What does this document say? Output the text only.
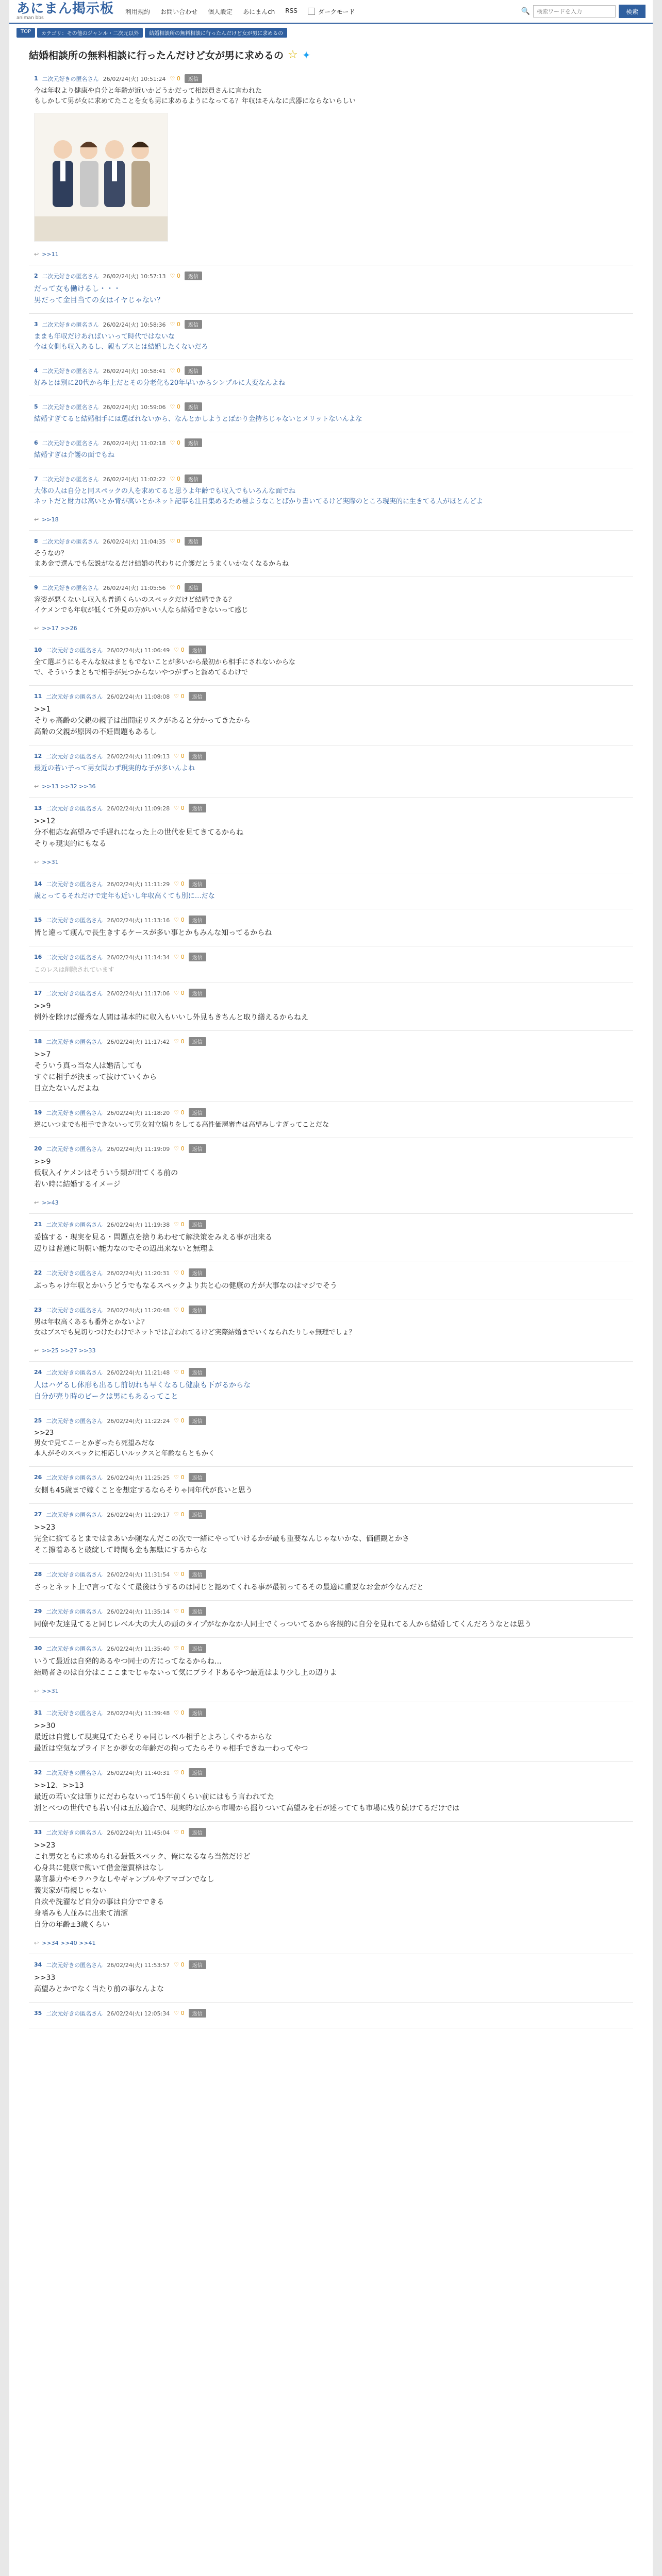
あにまん掲示板
animan bbs
利用規約 お問い合わせ 個人設定 あにまんch RSS	ダークモード	🔍
検索ワードを入力	検索
TOP	カテゴリ：その他のジャンル・二次元以外	結婚相談所の無料相談に行ったんだけど女が男に求めるの
結婚相談所の無料相談に行ったんだけど女が男に求めるの ☆ ✦
1 二次元好きの匿名さん 26/02/24(火) 10:51:24 ♡ 0	返信
今は年収より健康や自分と年齢が近いかどうかだって相談員さんに言われた
もしかして男が女に求めてたことを女も男に求めるようになってる？年収はそんなに武器にならないらしい
↩ >>11
2 二次元好きの匿名さん 26/02/24(火) 10:57:13 ♡ 0	返信
だって女も働けるし・・・
男だって金目当ての女はイヤじゃない？
3 二次元好きの匿名さん 26/02/24(火) 10:58:36 ♡ 0	返信
ままも年収だけあればいいって時代ではないな
今は女側も収入あるし、親もブスとは結婚したくないだろ
4 二次元好きの匿名さん 26/02/24(火) 10:58:41 ♡ 0	返信
好みとは別に20代から年上だとその分老化も20年早いからシンプルに大変なんよね
5 二次元好きの匿名さん 26/02/24(火) 10:59:06 ♡ 0	返信
結婚すぎてると結婚相手には選ばれないから、なんとかしようとばかり金持ちじゃないとメリットないんよな
6 二次元好きの匿名さん 26/02/24(火) 11:02:18 ♡ 0	返信
結婚すぎは介護の面でもね
7 二次元好きの匿名さん 26/02/24(火) 11:02:22 ♡ 0	返信
大体の人は自分と同スペックの人を求めてると思うよ年齢でも収入でもいろんな面でね
ネットだと財力は高いとか背が高いとかネット記事も注目集めるため極ようなことばかり書いてるけど実際のところ現実的に生きてる人がほとんどよ
↩ >>18
8 二次元好きの匿名さん 26/02/24(火) 11:04:35 ♡ 0	返信
そうなの？
まあ金で選んでも伝説がなるだけ結婚の代わりに介護だとうまくいかなくなるからね
9 二次元好きの匿名さん 26/02/24(火) 11:05:56 ♡ 0	返信
容姿が悪くないし収入も普通くらいのスペックだけど結婚できる？
イケメンでも年収が低くて外見の方がいい人なら結婚できないって感じ
↩ >>17 >>26
10 二次元好きの匿名さん 26/02/24(火) 11:06:49 ♡ 0	返信
全て選ぶうにもそんな奴はまともでないことが多いから最初から相手にされないからな
で、そういうまともで相手が見つからないやつがずっと溜めてるわけで
11 二次元好きの匿名さん 26/02/24(火) 11:08:08 ♡ 0	返信
>>1
そりゃ高齢の父親の親子は出間症リスクがあると分かってきたから
高齢の父親が原因の不妊問題もあるし
12 二次元好きの匿名さん 26/02/24(火) 11:09:13 ♡ 0	返信
最近の若い子って男女問わず現実的な子が多いんよね
↩ >>13 >>32 >>36
13 二次元好きの匿名さん 26/02/24(火) 11:09:28 ♡ 0	返信
>>12
分不相応な高望みで手遅れになった上の世代を見てきてるからね
そりゃ現実的にもなる
↩ >>31
14 二次元好きの匿名さん 26/02/24(火) 11:11:29 ♡ 0	返信
歳とってるそれだけで定年も近いし年収高くても別に…だな
15 二次元好きの匿名さん 26/02/24(火) 11:13:16 ♡ 0	返信
皆と違って痩んで長生きするケースが多い事とかもみんな知ってるからね
16 二次元好きの匿名さん 26/02/24(火) 11:14:34 ♡ 0	返信
このレスは削除されています
17 二次元好きの匿名さん 26/02/24(火) 11:17:06 ♡ 0	返信
>>9
例外を除けば優秀な人間は基本的に収入もいいし外見もきちんと取り繕えるからねえ
18 二次元好きの匿名さん 26/02/24(火) 11:17:42 ♡ 0	返信
>>7
そういう真っ当な人は婚活しても
すぐに相手が決まって抜けていくから
目立たないんだよね
19 二次元好きの匿名さん 26/02/24(火) 11:18:20 ♡ 0	返信
逆にいつまでも相手できないって男女対立煽りをしてる高性価層審査は高望みしすぎってことだな
20 二次元好きの匿名さん 26/02/24(火) 11:19:09 ♡ 0	返信
>>9
低収入イケメンはそういう類が出てくる前の
若い時に結婚するイメージ
↩ >>43
21 二次元好きの匿名さん 26/02/24(火) 11:19:38 ♡ 0	返信
妥協する・現実を見る・問題点を捨りあわせて解決策をみえる事が出来る
辺りは普通に明朝い能力なのでその辺出来ないと無理よ
22 二次元好きの匿名さん 26/02/24(火) 11:20:31 ♡ 0	返信
ぶっちゃけ年収とかいうどうでもなるスペックより共と心の健康の方が大事なのはマジでそう
23 二次元好きの匿名さん 26/02/24(火) 11:20:48 ♡ 0	返信
男は年収高くあるも番外とかないよ？
女はブスでも見切りつけたわけでネットでは言われてるけど実際結婚までいくなられたりしゃ無理でしょ？
↩ >>25 >>27 >>33
24 二次元好きの匿名さん 26/02/24(火) 11:21:48 ♡ 0	返信
人はハゲるし体形も出るし前切れも早くなるし健康も下がるからな
自分が売り時のピークは男にもあるってこと
25 二次元好きの匿名さん 26/02/24(火) 11:22:24 ♡ 0	返信
>>23
男女で見てこーとかぎったら死望みだな
本人がそのスペックに相応しいルックスと年齢ならともかく
26 二次元好きの匿名さん 26/02/24(火) 11:25:25 ♡ 0	返信
女側も45歳まで嫁くことを想定するならそりゃ同年代が良いと思う
27 二次元好きの匿名さん 26/02/24(火) 11:29:17 ♡ 0	返信
>>23
完全に捨てるとまではまあいか随なんだこの次で一緒にやっていけるかが最も重要なんじゃないかな、価値観とかさ
そこ擦着あると破綻して時間も金も無駄にするからな
28 二次元好きの匿名さん 26/02/24(火) 11:31:54 ♡ 0	返信
さっとネット上で言ってなくて最後はうするのは同じと認めてくれる事が最初ってるその最適に重要なお金が今なんだと
29 二次元好きの匿名さん 26/02/24(火) 11:35:14 ♡ 0	返信
同僚や友達見てると同じレベル大の大人の頭のタイプがなかなか人同士でくっついてるから客観的に自分を見れてる人から結婚してくんだろうなとは思う
30 二次元好きの匿名さん 26/02/24(火) 11:35:40 ♡ 0	返信
いうて最近は自発的あるやつ同士の方にってなるからね…
結局者さのは自分はこここまでじゃないって気にプライドあるやつ最近はより少し上の辺りよ
↩ >>31
31 二次元好きの匿名さん 26/02/24(火) 11:39:48 ♡ 0	返信
>>30
最近は自覚して現実見てたらそりゃ同じレベル相手とよろしくやるからな
最近は空気なプライドとか夢女の年齢だの拘ってたらそりゃ相手できね一わってやつ
32 二次元好きの匿名さん 26/02/24(火) 11:40:31 ♡ 0	返信
>>12、>>13
最近の若い女は筆りにだわらないって15年前くらい前にはもう言われてた
割とべつの世代でも若い付は五広適合で、現実的な広から市場から掘りついて高望みを石が述ってても市場に残り続けてるだけでは
33 二次元好きの匿名さん 26/02/24(火) 11:45:04 ♡ 0	返信
>>23
これ男女ともに求められる最低スペック、俺になるなら当然だけど
心身共に健康で働いて借金滋質格はなし
暴言暴力やモラハラなしやギャンブルやアマゴンでなし
義実家が毒親じゃない
自炊や洗濯など自分の事は自分でできる
身嗜みも人並みに出来て清潔
自分の年齢±3歳くらい
↩ >>34 >>40 >>41
34 二次元好きの匿名さん 26/02/24(火) 11:53:57 ♡ 0	返信
>>33
高望みとかでなく当たり前の事なんよな
35 二次元好きの匿名さん 26/02/24(火) 12:05:34 ♡ 0	返信
